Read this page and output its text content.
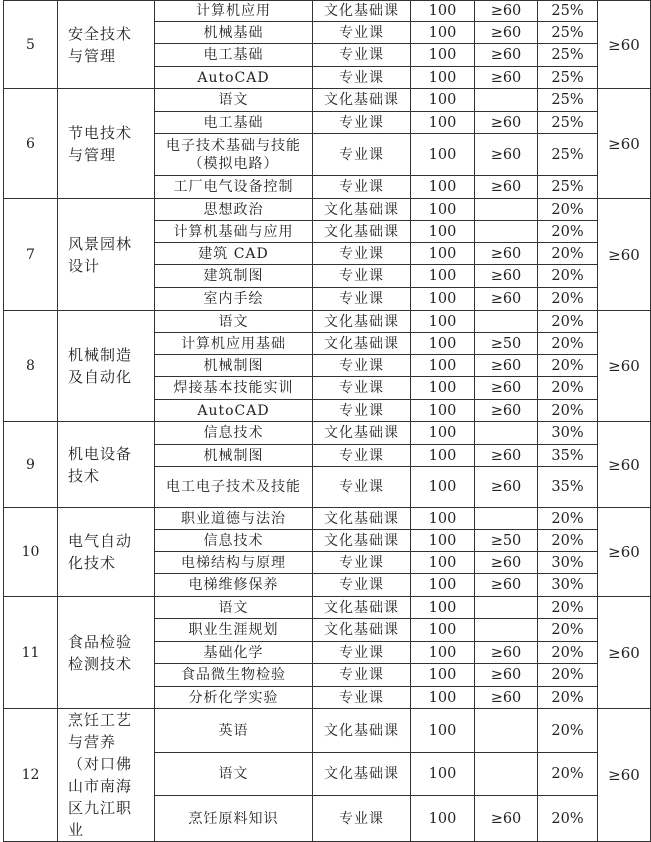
5	安全技术与管理	计算机应用	文化基础课	100	≥60	25%	≥60
		机械基础	专业课	100	≥60	25%	
		电工基础	专业课	100	≥60	25%	
		AutoCAD	专业课	100	≥60	25%	
6	节电技术与管理	语文	文化基础课	100		25%	≥60
		电工基础	专业课	100	≥60	25%	
		电子技术基础与技能（模拟电路）	专业课	100	≥60	25%	
		工厂电气设备控制	专业课	100	≥60	25%	
7	风景园林设计	思想政治	文化基础课	100		20%	≥60
		计算机基础与应用	文化基础课	100		20%	
		建筑 CAD	专业课	100	≥60	20%	
		建筑制图	专业课	100	≥60	20%	
		室内手绘	专业课	100	≥60	20%	
8	机械制造及自动化	语文	文化基础课	100		20%	≥60
		计算机应用基础	文化基础课	100	≥50	20%	
		机械制图	专业课	100	≥60	20%	
		焊接基本技能实训	专业课	100	≥60	20%	
		AutoCAD	专业课	100	≥60	20%	
9	机电设备技术	信息技术	文化基础课	100		30%	≥60
		机械制图	专业课	100	≥60	35%	
		电工电子技术及技能	专业课	100	≥60	35%	
10	电气自动化技术	职业道德与法治	文化基础课	100		20%	≥60
		信息技术	文化基础课	100	≥50	20%	
		电梯结构与原理	专业课	100	≥60	30%	
		电梯维修保养	专业课	100	≥60	30%	
11	食品检验检测技术	语文	文化基础课	100		20%	≥60
		职业生涯规划	文化基础课	100		20%	
		基础化学	专业课	100	≥60	20%	
		食品微生物检验	专业课	100	≥60	20%	
		分析化学实验	专业课	100	≥60	20%	
12	烹饪工艺与营养（对口佛山市南海区九江职业	英语	文化基础课	100		20%	≥60
		语文	文化基础课	100		20%	
		烹饪原料知识	专业课	100	≥60	20%	
